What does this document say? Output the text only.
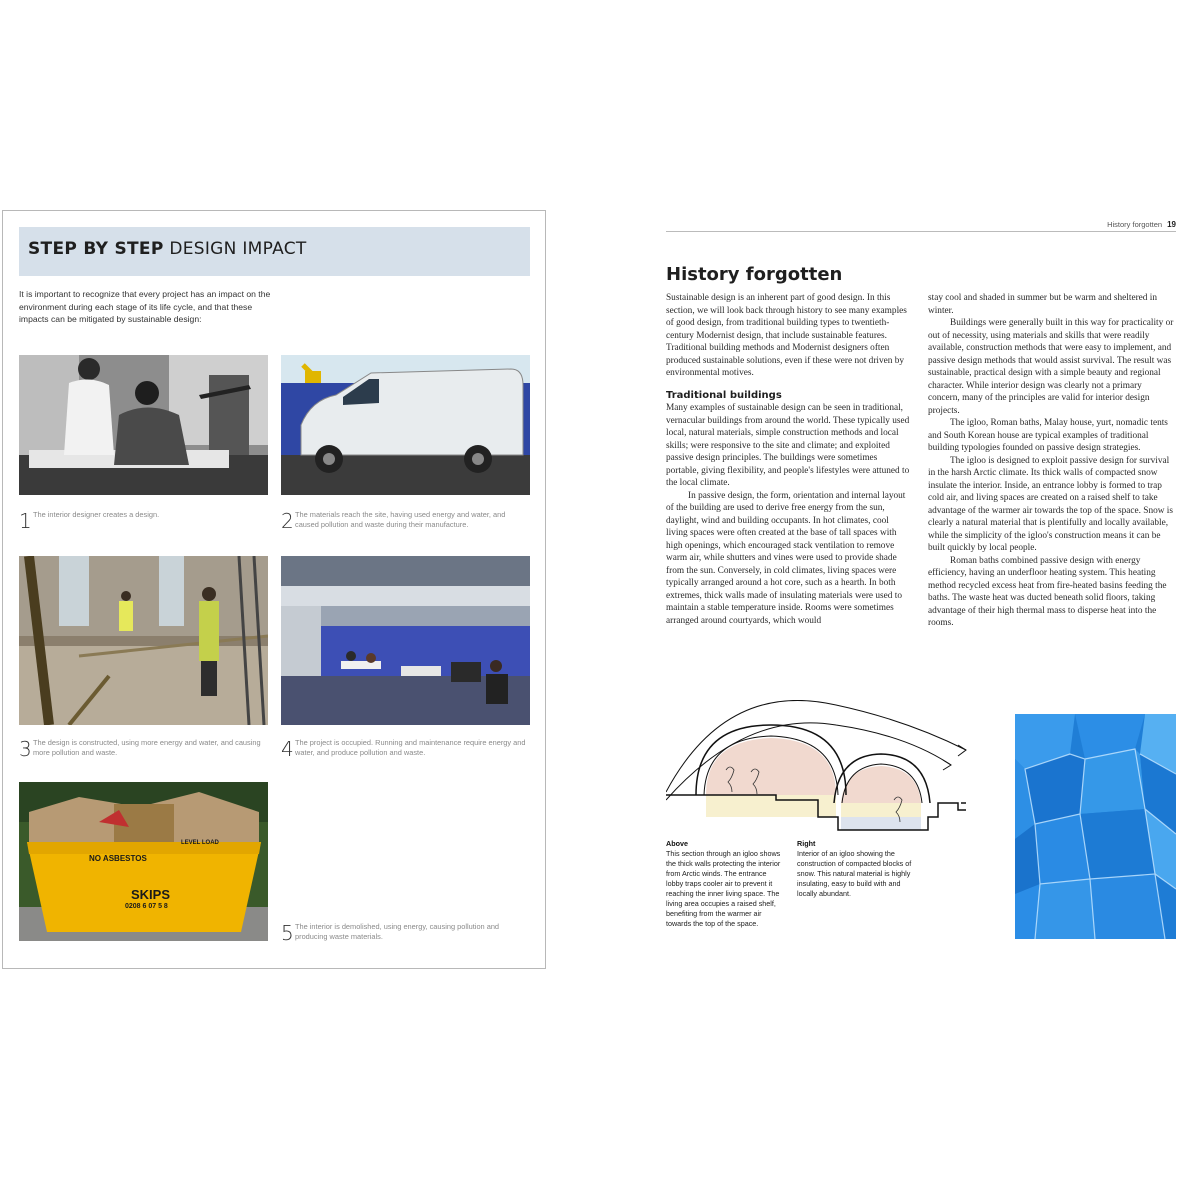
STEP BY STEP DESIGN IMPACT
It is important to recognize that every project has an impact on the environment during each stage of its life cycle, and that these impacts can be mitigated by sustainable design:
1 The interior designer creates a design.	2 The materials reach the site, having used energy and water, and caused pollution and waste during their manufacture.
3 The design is constructed, using more energy and water, and causing more pollution and waste.	4 The project is occupied. Running and maintenance require energy and water, and produce pollution and waste.
NO ASBESTOS
LEVEL LOAD
SKIPS
0208 6 07 5 8
5 The interior is demolished, using energy, causing pollution and producing waste materials.
History forgotten 19
History forgotten

Sustainable design is an inherent part of good design. In this section, we will look back through history to see many examples of good design, from traditional building types to twentieth-century Modernist design, that include sustainable features. Traditional building methods and Modernist designers often produced sustainable solutions, even if these were not driven by environmental motives.

Traditional buildings

Many examples of sustainable design can be seen in traditional, vernacular buildings from around the world. These typically used local, natural materials, simple construction methods and local skills; were responsive to the site and climate; and exploited passive design principles. The buildings were sometimes portable, giving flexibility, and people's lifestyles were attuned to the local climate.

In passive design, the form, orientation and internal layout of the building are used to derive free energy from the sun, daylight, wind and building occupants. In hot climates, cool living spaces were often created at the base of tall spaces with high openings, which encouraged stack ventilation to remove warm air, while shutters and vines were used to provide shade from the sun. Conversely, in cold climates, living spaces were typically arranged around a hot core, such as a hearth. In both extremes, thick walls made of insulating materials were used to maintain a stable temperature inside. Rooms were sometimes arranged around courtyards, which would

stay cool and shaded in summer but be warm and sheltered in winter.

Buildings were generally built in this way for practicality or out of necessity, using materials and skills that were readily available, construction methods that were easy to implement, and passive design methods that would assist survival. The result was sustainable, practical design with a simple beauty and regional character. While interior design was clearly not a primary concern, many of the principles are valid for interior design projects.

The igloo, Roman baths, Malay house, yurt, nomadic tents and South Korean house are typical examples of traditional building typologies founded on passive design strategies.

The igloo is designed to exploit passive design for survival in the harsh Arctic climate. Its thick walls of compacted snow insulate the interior. Inside, an entrance lobby is formed to trap cold air, and living spaces are created on a raised shelf to take advantage of the warmer air towards the top of the space. Snow is clearly a natural material that is plentifully and locally available, while the simplicity of the igloo's construction means it can be built quickly by local people.

Roman baths combined passive design with energy efficiency, having an underfloor heating system. This heating method recycled excess heat from fire-heated basins feeding the baths. The waste heat was ducted beneath solid floors, taking advantage of their high thermal mass to disperse heat into the rooms.

Above
This section through an igloo shows the thick walls protecting the interior from Arctic winds. The entrance lobby traps cooler air to prevent it reaching the inner living space. The living area occupies a raised shelf, benefiting from the warmer air towards the top of the space.
Right
Interior of an igloo showing the construction of compacted blocks of snow. This natural material is highly insulating, easy to build with and locally abundant.
